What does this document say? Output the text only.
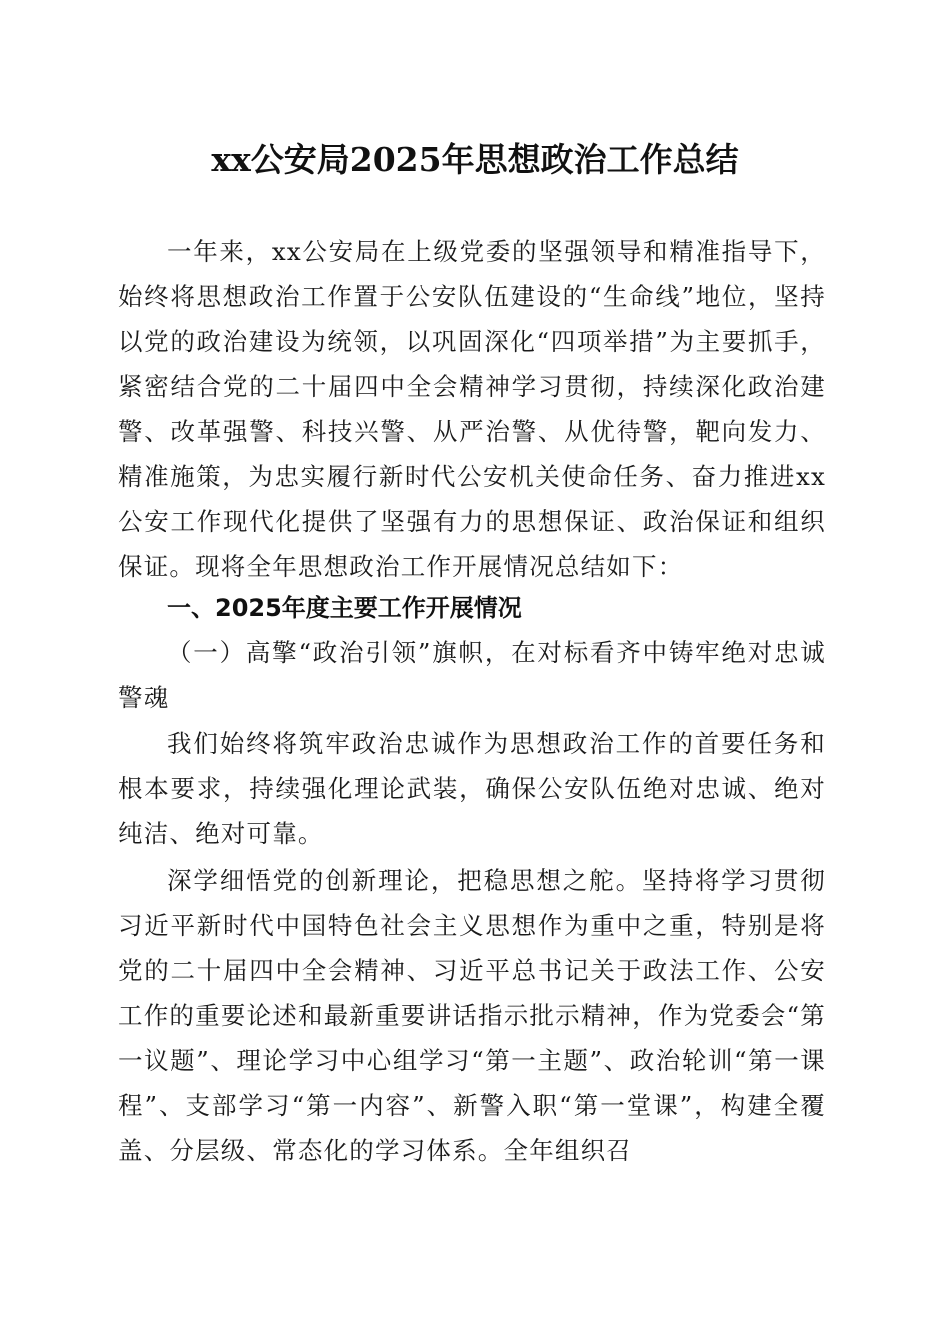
xx公安局2025年思想政治工作总结

一年来，xx公安局在上级党委的坚强领导和精准指导下，始终将思想政治工作置于公安队伍建设的“生命线”地位，坚持以党的政治建设为统领，以巩固深化“四项举措”为主要抓手，紧密结合党的二十届四中全会精神学习贯彻，持续深化政治建警、改革强警、科技兴警、从严治警、从优待警，靶向发力、精准施策，为忠实履行新时代公安机关使命任务、奋力推进xx公安工作现代化提供了坚强有力的思想保证、政治保证和组织保证。现将全年思想政治工作开展情况总结如下：

一、2025年度主要工作开展情况

（一）高擎“政治引领”旗帜，在对标看齐中铸牢绝对忠诚警魂

我们始终将筑牢政治忠诚作为思想政治工作的首要任务和根本要求，持续强化理论武装，确保公安队伍绝对忠诚、绝对纯洁、绝对可靠。

深学细悟党的创新理论，把稳思想之舵。坚持将学习贯彻习近平新时代中国特色社会主义思想作为重中之重，特别是将党的二十届四中全会精神、习近平总书记关于政法工作、公安工作的重要论述和最新重要讲话指示批示精神，作为党委会“第一议题”、理论学习中心组学习“第一主题”、政治轮训“第一课程”、支部学习“第一内容”、新警入职“第一堂课”，构建全覆盖、分层级、常态化的学习体系。全年组织召
